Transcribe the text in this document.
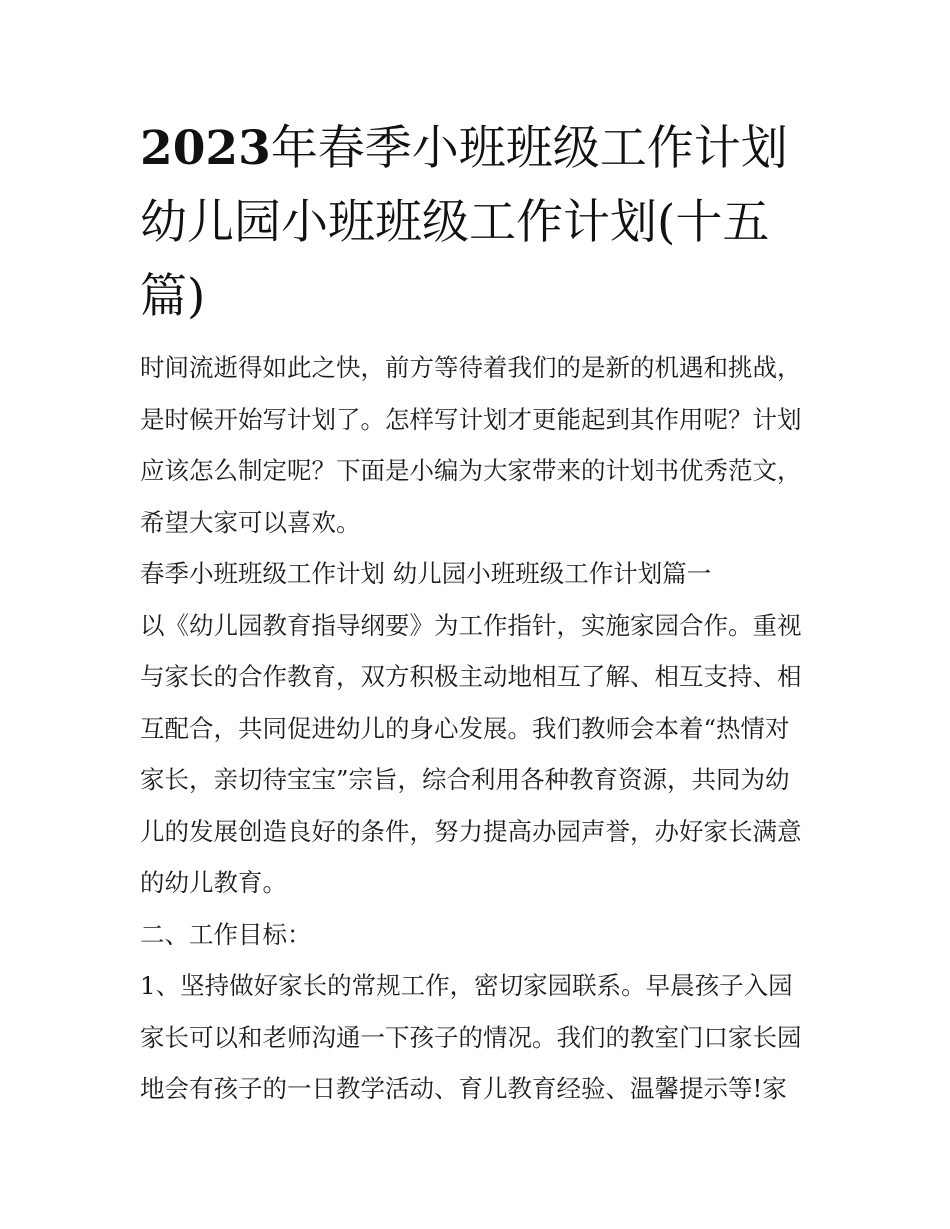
2023年春季小班班级工作计划幼儿园小班班级工作计划(十五篇)

时间流逝得如此之快，前方等待着我们的是新的机遇和挑战，是时候开始写计划了。怎样写计划才更能起到其作用呢？计划应该怎么制定呢？下面是小编为大家带来的计划书优秀范文，希望大家可以喜欢。

春季小班班级工作计划 幼儿园小班班级工作计划篇一

以《幼儿园教育指导纲要》为工作指针，实施家园合作。重视与家长的合作教育，双方积极主动地相互了解、相互支持、相互配合，共同促进幼儿的身心发展。我们教师会本着“热情对家长，亲切待宝宝”宗旨，综合利用各种教育资源，共同为幼儿的发展创造良好的条件，努力提高办园声誉，办好家长满意的幼儿教育。

二、工作目标：

1、坚持做好家长的常规工作，密切家园联系。早晨孩子入园家长可以和老师沟通一下孩子的情况。我们的教室门口家长园地会有孩子的一日教学活动、育儿教育经验、温馨提示等!家
